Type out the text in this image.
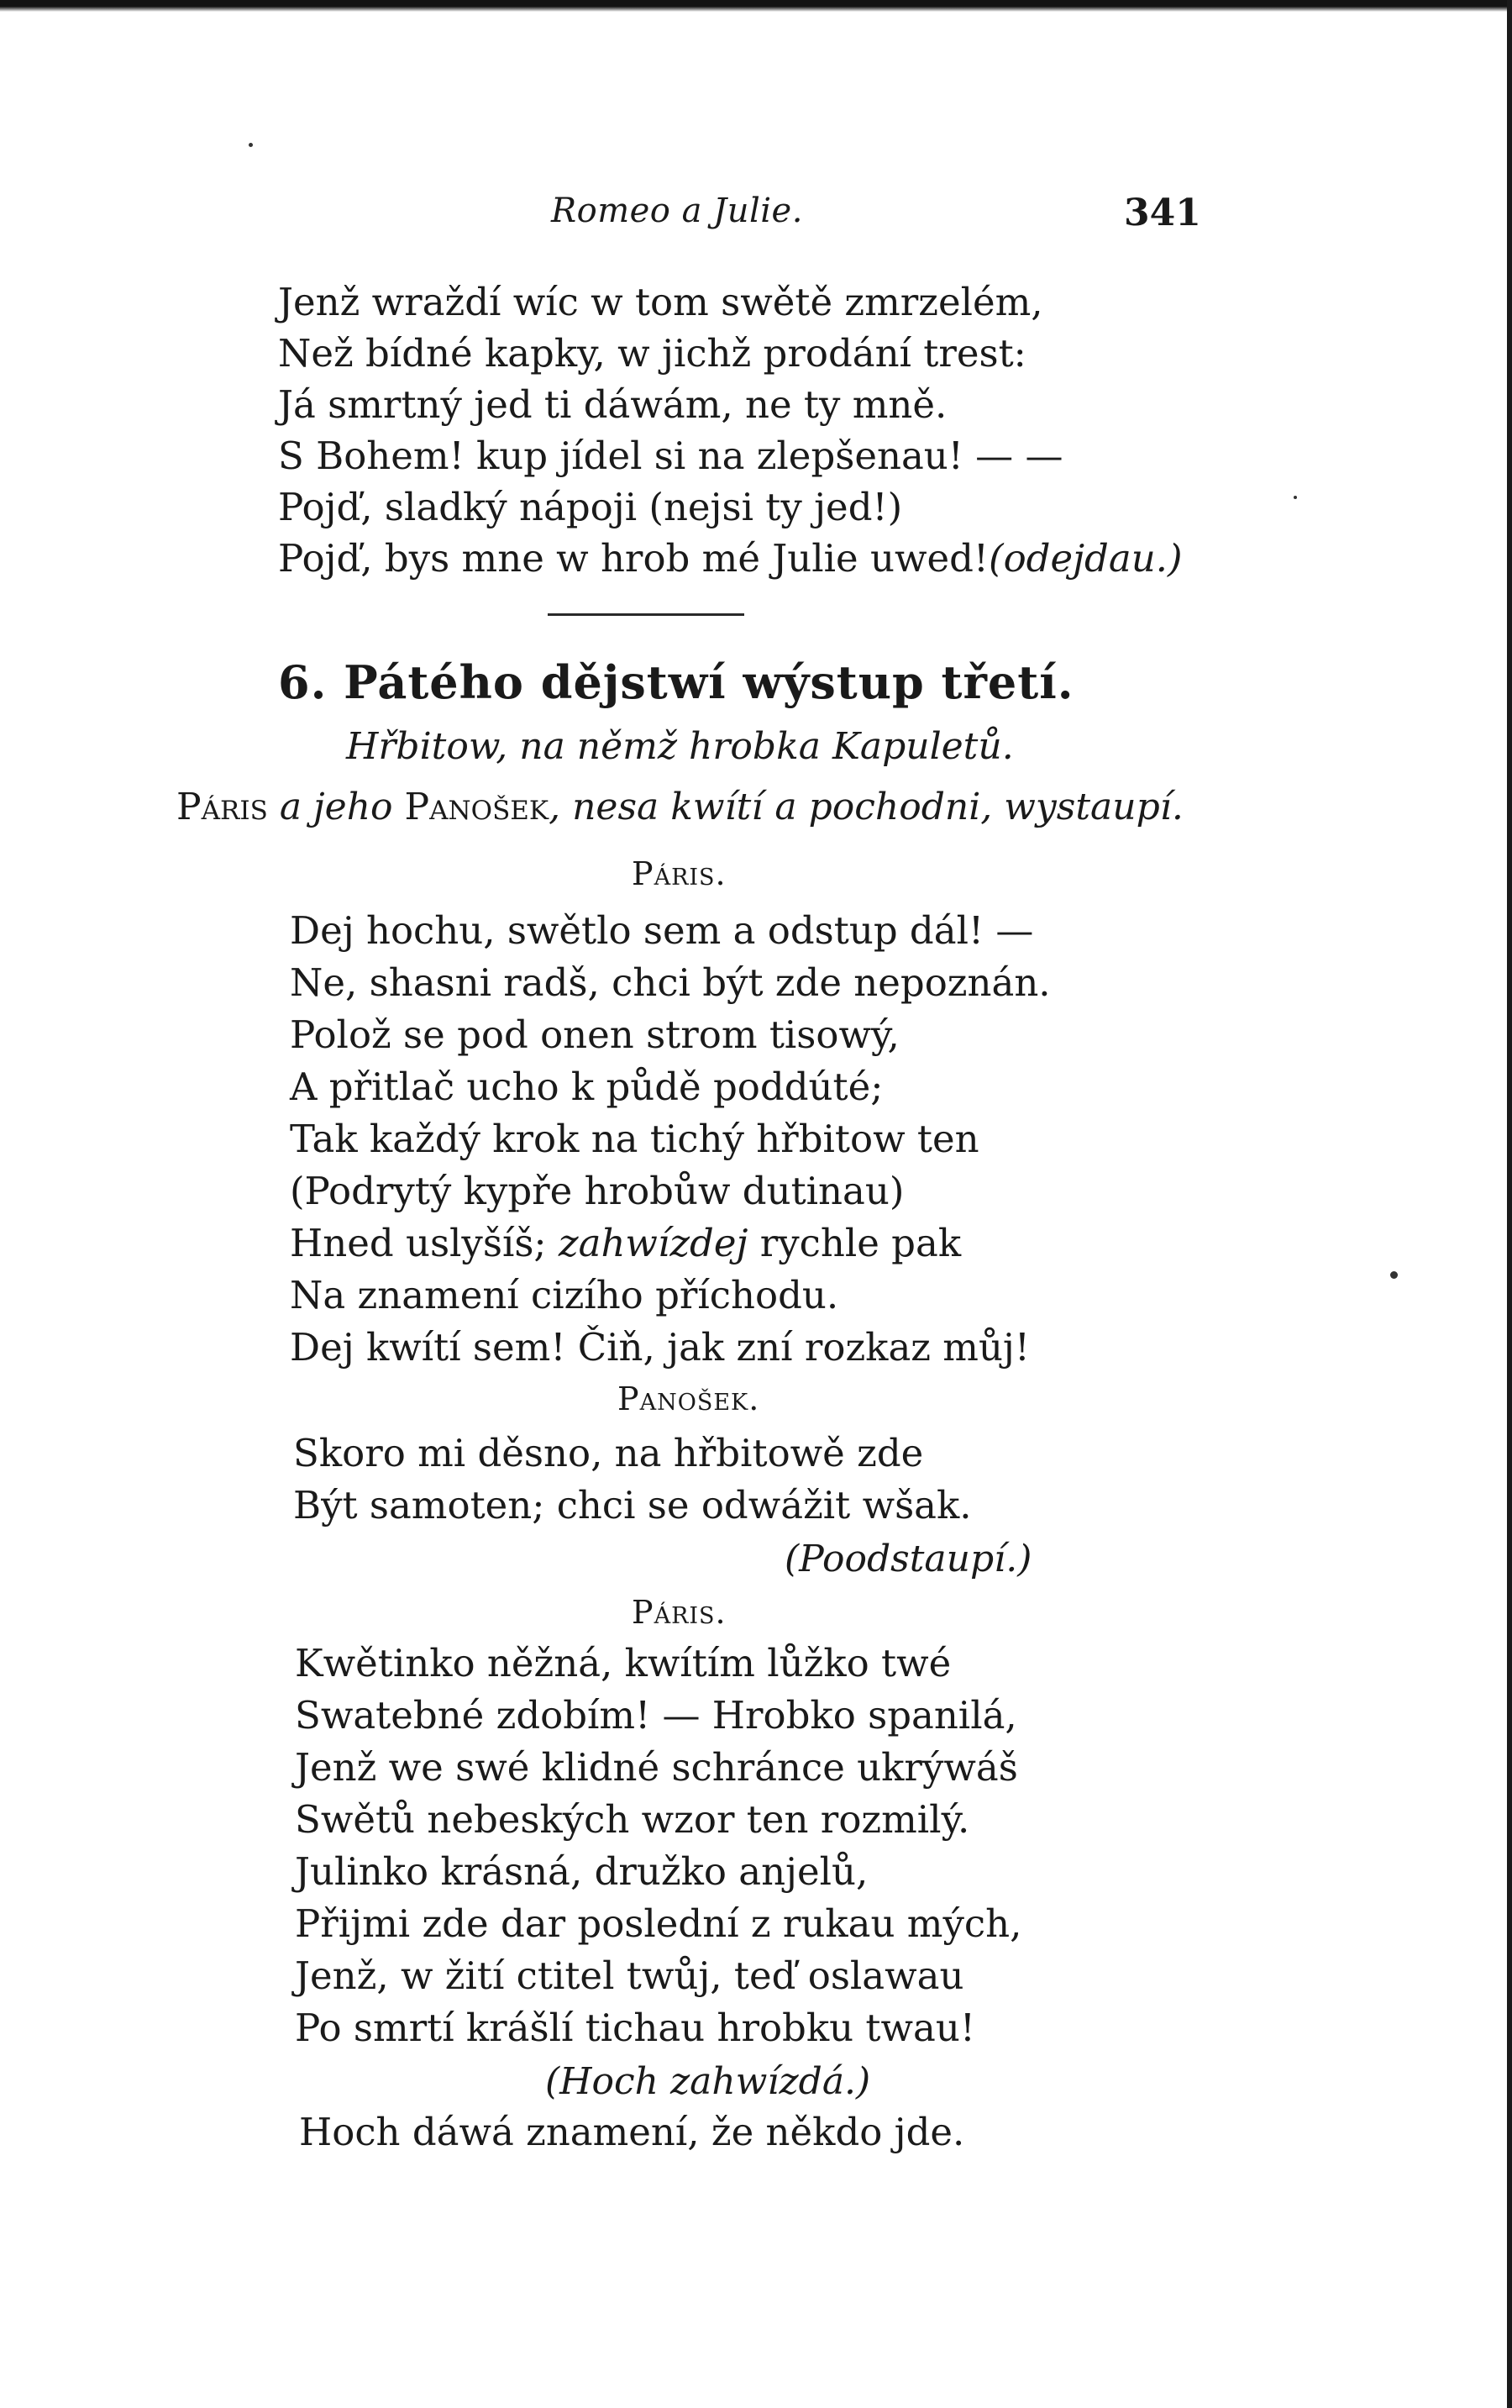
Romeo a Julie.	341
Jenž wraždí wíc w tom swětě zmrzelém,
Než bídné kapky, w jichž prodání trest:
Já smrtný jed ti dáwám, ne ty mně.
S Bohem! kup jídel si na zlepšenau! — —
Pojď, sladký nápoji (nejsi ty jed!)
Pojď, bys mne w hrob mé Julie uwed!(odejdau.)
6. Pátého dějstwí wýstup třetí.
Hřbitow, na němž hrobka Kapuletů.
Páris a jeho Panošek, nesa kwítí a pochodni, wystaupí.
Páris.
Dej hochu, swětlo sem a odstup dál! —
Ne, shasni radš, chci být zde nepoznán.
Polož se pod onen strom tisowý,
A přitlač ucho k půdě poddúté;
Tak každý krok na tichý hřbitow ten
(Podrytý kypře hrobůw dutinau)
Hned uslyšíš; zahwízdej rychle pak
Na znamení cizího příchodu.
Dej kwítí sem! Čiň, jak zní rozkaz můj!
Panošek.
Skoro mi děsno, na hřbitowě zde
Být samoten; chci se odwážit wšak.
(Poodstaupí.)
Páris.
Kwětinko něžná, kwítím lůžko twé
Swatebné zdobím! — Hrobko spanilá,
Jenž we swé klidné schránce ukrýwáš
Swětů nebeských wzor ten rozmilý.
Julinko krásná, družko anjelů,
Přijmi zde dar poslední z rukau mých,
Jenž, w žití ctitel twůj, teď oslawau
Po smrtí krášlí tichau hrobku twau!
(Hoch zahwízdá.)
Hoch dáwá znamení, že někdo jde.
